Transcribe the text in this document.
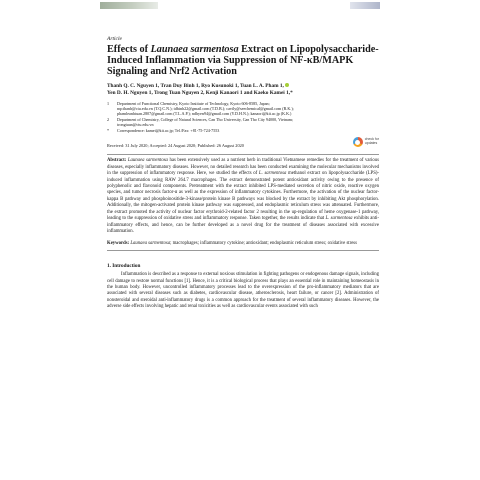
Article
Effects of Launaea sarmentosa Extract on Lipopolysaccharide-Induced Inflammation via Suppression of NF-κB/MAPK Signaling and Nrf2 Activation
Thanh Q. C. Nguyen 1, Tran Duy Binh 1, Ryo Kusunoki 1, Tuan L. A. Pham 1,
Yen D. H. Nguyen 1, Trong Tuan Nguyen 2, Kenji Kanaori 1 and Kaeko Kamei 1,*
1 Department of Functional Chemistry, Kyoto Institute of Technology, Kyoto 606-8585, Japan;
nqcthanh@ctu.edu.vn (T.Q.C.N.); tdbinh22@gmail.com (T.D.B.); cavily@seechemical@gmail.com (R.K.);
phamleanhtuan.2807@gmail.com (T.L.A.P.); ndhyen94@gmail.com (Y.D.H.N.); kanaori@kit.ac.jp (K.K.)
2 Department of Chemistry, College of Natural Sciences, Can Tho University, Can Tho City 94000, Vietnam;
trongtuan@ctu.edu.vn
* Correspondence: kamei@kit.ac.jp; Tel./Fax: +81-75-724-7553
Received: 31 July 2020; Accepted: 24 August 2020; Published: 26 August 2020
check for
updates

Abstract: Launaea sarmentosa has been extensively used as a nutrient herb in traditional Vietnamese remedies for the treatment of various diseases, especially inflammatory diseases. However, no detailed research has been conducted examining the molecular mechanisms involved in the suppression of inflammatory response. Here, we studied the effects of L. sarmentosa methanol extract on lipopolysaccharide (LPS)-induced inflammation using RAW 264.7 macrophages. The extract demonstrated potent antioxidant activity owing to the presence of polyphenolic and flavonoid components. Pretreatment with the extract inhibited LPS-mediated secretion of nitric oxide, reactive oxygen species, and tumor necrosis factor-α as well as the expression of inflammatory cytokines. Furthermore, the activation of the nuclear factor-kappa B pathway and phosphoinositide-3-kinase/protein kinase B pathways was blocked by the extract by inhibiting Akt phosphorylation. Additionally, the mitogen-activated protein kinase pathway was suppressed, and endoplasmic reticulum stress was attenuated. Furthermore, the extract promoted the activity of nuclear factor erythroid-2-related factor 2 resulting in the up-regulation of heme oxygenase-1 pathway, leading to the suppression of oxidative stress and inflammatory response. Taken together, the results indicate that L. sarmentosa exhibits anti-inflammatory effects, and hence, can be further developed as a novel drug for the treatment of diseases associated with excessive inflammation.

Keywords: Launaea sarmentosa; macrophages; inflammatory cytokine; antioxidant; endoplasmic reticulum stress; oxidative stress

1. Introduction

Inflammation is described as a response to external noxious stimulation in fighting pathogens or endogenous damage signals, including cell damage to restore normal functions [1]. Hence, it is a critical biological process that plays an essential role in maintaining homeostasis in the human body. However, uncontrolled inflammatory processes lead to the overexpression of the pro-inflammatory mediators that are associated with several diseases such as diabetes, cardiovascular disease, atherosclerosis, heart failure, or cancer [2]. Administration of nonsteroidal and steroidal anti-inflammatory drugs is a common approach for the treatment of several inflammatory diseases. However, the adverse side effects involving hepatic and renal toxicities as well as cardiovascular events associated with such
